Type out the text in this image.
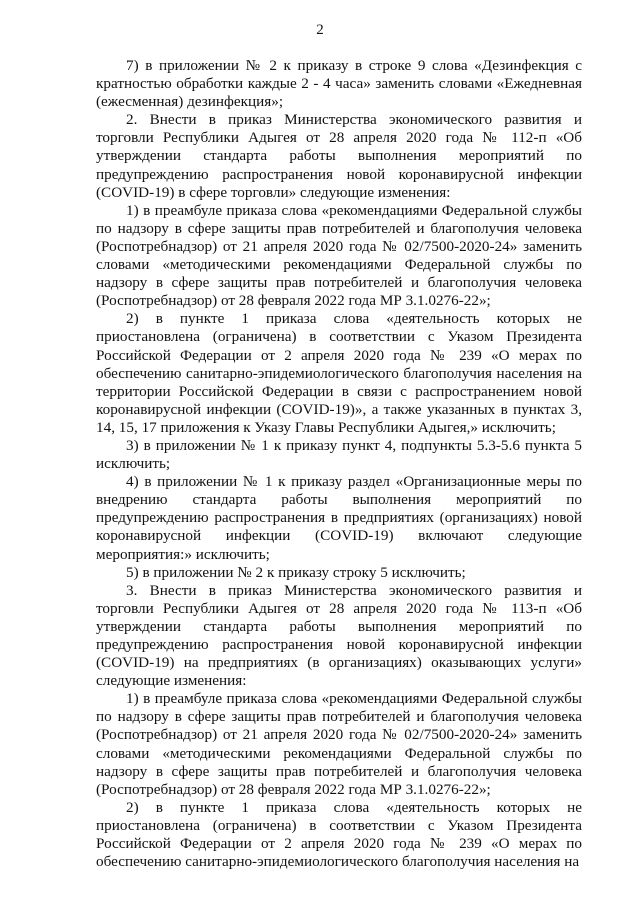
2

7) в приложении № 2 к приказу в строке 9 слова «Дезинфекция с кратностью обработки каждые 2 - 4 часа» заменить словами «Ежедневная (ежесменная) дезинфекция»;

2. Внести в приказ Министерства экономического развития и торговли Республики Адыгея от 28 апреля 2020 года № 112-п «Об утверждении стандарта работы выполнения мероприятий по предупреждению распространения новой коронавирусной инфекции (COVID-19) в сфере торговли» следующие изменения:

1) в преамбуле приказа слова «рекомендациями Федеральной службы по надзору в сфере защиты прав потребителей и благополучия человека (Роспотребнадзор) от 21 апреля 2020 года № 02/7500-2020-24» заменить словами «методическими рекомендациями Федеральной службы по надзору в сфере защиты прав потребителей и благополучия человека (Роспотребнадзор) от 28 февраля 2022 года МР 3.1.0276-22»;

2) в пункте 1 приказа слова «деятельность которых не приостановлена (ограничена) в соответствии с Указом Президента Российской Федерации от 2 апреля 2020 года № 239 «О мерах по обеспечению санитарно-эпидемиологического благополучия населения на территории Российской Федерации в связи с распространением новой коронавирусной инфекции (COVID-19)», а также указанных в пунктах 3, 14, 15, 17 приложения к Указу Главы Республики Адыгея,» исключить;

3) в приложении № 1 к приказу пункт 4, подпункты 5.3-5.6 пункта 5 исключить;

4) в приложении № 1 к приказу раздел «Организационные меры по внедрению стандарта работы выполнения мероприятий по предупреждению распространения в предприятиях (организациях) новой коронавирусной инфекции (COVID-19) включают следующие мероприятия:» исключить;

5) в приложении № 2 к приказу строку 5 исключить;

3. Внести в приказ Министерства экономического развития и торговли Республики Адыгея от 28 апреля 2020 года № 113-п «Об утверждении стандарта работы выполнения мероприятий по предупреждению распространения новой коронавирусной инфекции (COVID-19) на предприятиях (в организациях) оказывающих услуги» следующие изменения:

1) в преамбуле приказа слова «рекомендациями Федеральной службы по надзору в сфере защиты прав потребителей и благополучия человека (Роспотребнадзор) от 21 апреля 2020 года № 02/7500-2020-24» заменить словами «методическими рекомендациями Федеральной службы по надзору в сфере защиты прав потребителей и благополучия человека (Роспотребнадзор) от 28 февраля 2022 года МР 3.1.0276-22»;

2) в пункте 1 приказа слова «деятельность которых не приостановлена (ограничена) в соответствии с Указом Президента Российской Федерации от 2 апреля 2020 года № 239 «О мерах по обеспечению санитарно-эпидемиологического благополучия населения на
